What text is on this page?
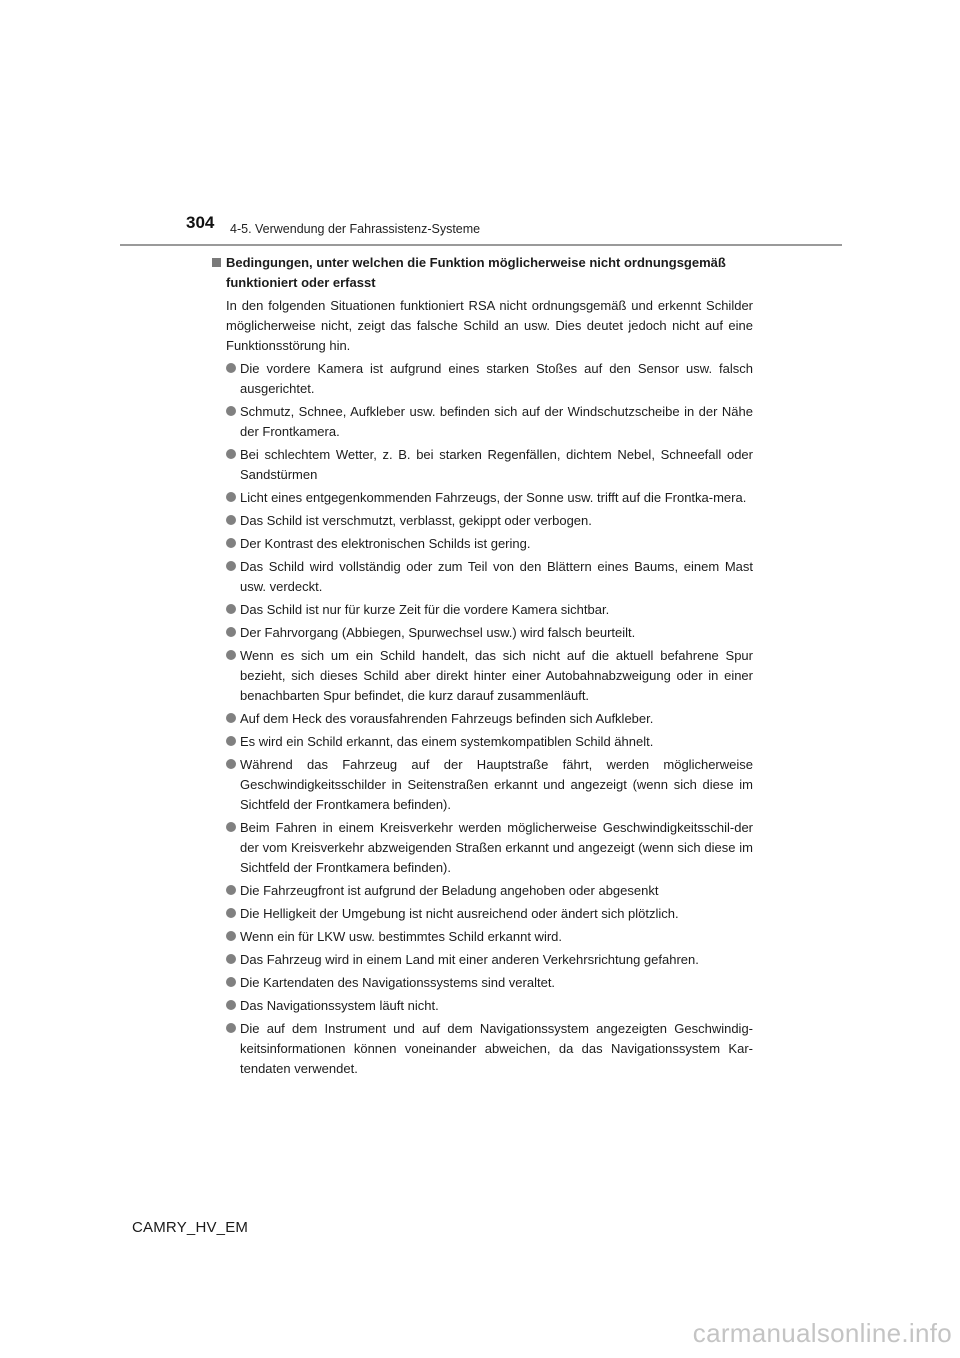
304 4-5. Verwendung der Fahrassistenz-Systeme
Bedingungen, unter welchen die Funktion möglicherweise nicht ordnungsgemäß funktioniert oder erfasst
In den folgenden Situationen funktioniert RSA nicht ordnungsgemäß und erkennt Schilder möglicherweise nicht, zeigt das falsche Schild an usw. Dies deutet jedoch nicht auf eine Funktionsstörung hin.
Die vordere Kamera ist aufgrund eines starken Stoßes auf den Sensor usw. falsch ausgerichtet.
Schmutz, Schnee, Aufkleber usw. befinden sich auf der Windschutzscheibe in der Nähe der Frontkamera.
Bei schlechtem Wetter, z. B. bei starken Regenfällen, dichtem Nebel, Schneefall oder Sandstürmen
Licht eines entgegenkommenden Fahrzeugs, der Sonne usw. trifft auf die Frontka-mera.
Das Schild ist verschmutzt, verblasst, gekippt oder verbogen.
Der Kontrast des elektronischen Schilds ist gering.
Das Schild wird vollständig oder zum Teil von den Blättern eines Baums, einem Mast usw. verdeckt.
Das Schild ist nur für kurze Zeit für die vordere Kamera sichtbar.
Der Fahrvorgang (Abbiegen, Spurwechsel usw.) wird falsch beurteilt.
Wenn es sich um ein Schild handelt, das sich nicht auf die aktuell befahrene Spur bezieht, sich dieses Schild aber direkt hinter einer Autobahnabzweigung oder in einer benachbarten Spur befindet, die kurz darauf zusammenläuft.
Auf dem Heck des vorausfahrenden Fahrzeugs befinden sich Aufkleber.
Es wird ein Schild erkannt, das einem systemkompatiblen Schild ähnelt.
Während das Fahrzeug auf der Hauptstraße fährt, werden möglicherweise Geschwindigkeitsschilder in Seitenstraßen erkannt und angezeigt (wenn sich diese im Sichtfeld der Frontkamera befinden).
Beim Fahren in einem Kreisverkehr werden möglicherweise Geschwindigkeitsschil-der der vom Kreisverkehr abzweigenden Straßen erkannt und angezeigt (wenn sich diese im Sichtfeld der Frontkamera befinden).
Die Fahrzeugfront ist aufgrund der Beladung angehoben oder abgesenkt
Die Helligkeit der Umgebung ist nicht ausreichend oder ändert sich plötzlich.
Wenn ein für LKW usw. bestimmtes Schild erkannt wird.
Das Fahrzeug wird in einem Land mit einer anderen Verkehrsrichtung gefahren.
Die Kartendaten des Navigationssystems sind veraltet.
Das Navigationssystem läuft nicht.
Die auf dem Instrument und auf dem Navigationssystem angezeigten Geschwindig-keitsinformationen können voneinander abweichen, da das Navigationssystem Kar-tendaten verwendet.
CAMRY_HV_EM
carmanualsonline.info
